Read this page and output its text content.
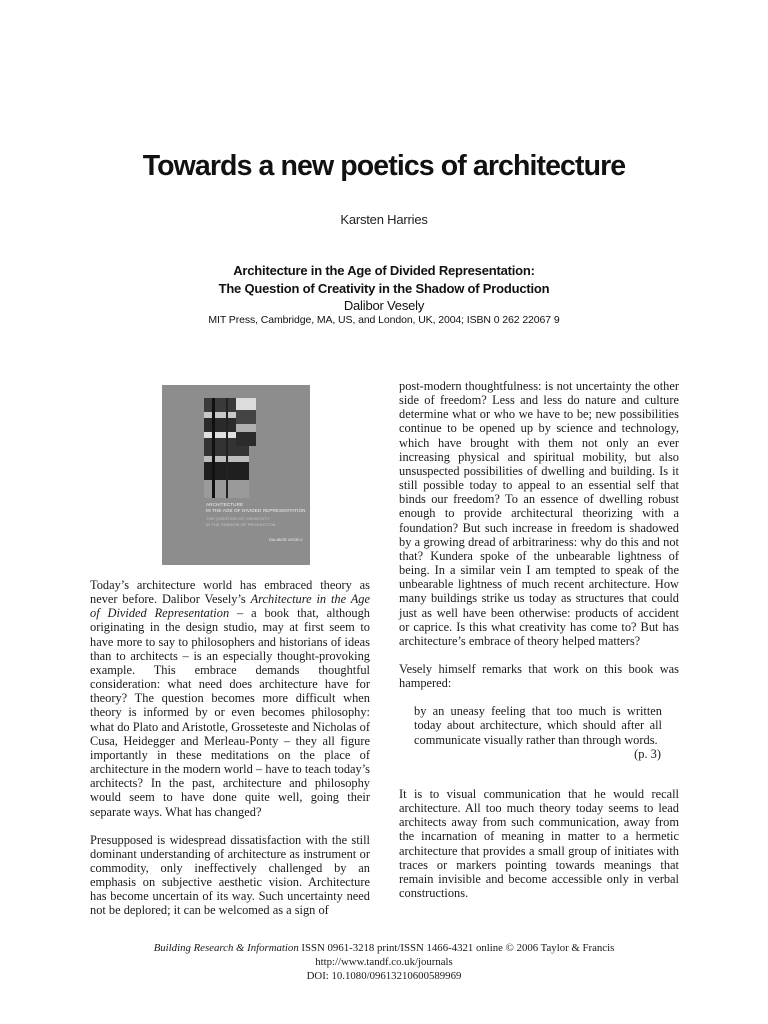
Towards a new poetics of architecture
Karsten Harries
Architecture in the Age of Divided Representation:
The Question of Creativity in the Shadow of Production
Dalibor Vesely
MIT Press, Cambridge, MA, US, and London, UK, 2004; ISBN 0 262 22067 9
ARCHITECTURE
IN THE AGE OF DIVIDED REPRESENTATION
THE QUESTION OF CREATIVITY
IN THE SHADOW OF PRODUCTION
DALIBOR VESELY

Today’s architecture world has embraced theory as never before. Dalibor Vesely’s Architecture in the Age of Divided Representation – a book that, although originating in the design studio, may at first seem to have more to say to philosophers and historians of ideas than to architects – is an especially thought-provoking example. This embrace demands thoughtful consideration: what need does architecture have for theory? The question becomes more difficult when theory is informed by or even becomes philosophy: what do Plato and Aristotle, Grosseteste and Nicholas of Cusa, Heidegger and Merleau-Ponty – they all figure importantly in these meditations on the place of architecture in the modern world – have to teach today’s architects? In the past, architecture and philosophy would seem to have done quite well, going their separate ways. What has changed?

Presupposed is widespread dissatisfaction with the still dominant understanding of architecture as instrument or commodity, only ineffectively challenged by an emphasis on subjective aesthetic vision. Architecture has become uncertain of its way. Such uncertainty need not be deplored; it can be welcomed as a sign of

post-modern thoughtfulness: is not uncertainty the other side of freedom? Less and less do nature and culture determine what or who we have to be; new possibilities continue to be opened up by science and technology, which have brought with them not only an ever increasing physical and spiritual mobility, but also unsuspected possibilities of dwelling and building. Is it still possible today to appeal to an essential self that binds our freedom? To an essence of dwelling robust enough to provide architectural theorizing with a foundation? But such increase in freedom is shadowed by a growing dread of arbitrariness: why do this and not that? Kundera spoke of the unbearable lightness of being. In a similar vein I am tempted to speak of the unbearable lightness of much recent architecture. How many buildings strike us today as structures that could just as well have been otherwise: products of accident or caprice. Is this what creativity has come to? But has architecture’s embrace of theory helped matters?

Vesely himself remarks that work on this book was hampered:

by an uneasy feeling that too much is written today about architecture, which should after all communicate visually rather than through words.
(p. 3)

It is to visual communication that he would recall architecture. All too much theory today seems to lead architects away from such communication, away from the incarnation of meaning in matter to a hermetic architecture that provides a small group of initiates with traces or markers pointing towards meanings that remain invisible and become accessible only in verbal constructions.

Building Research & Information ISSN 0961-3218 print/ISSN 1466-4321 online © 2006 Taylor & Francis
http://www.tandf.co.uk/journals
DOI: 10.1080/09613210600589969
